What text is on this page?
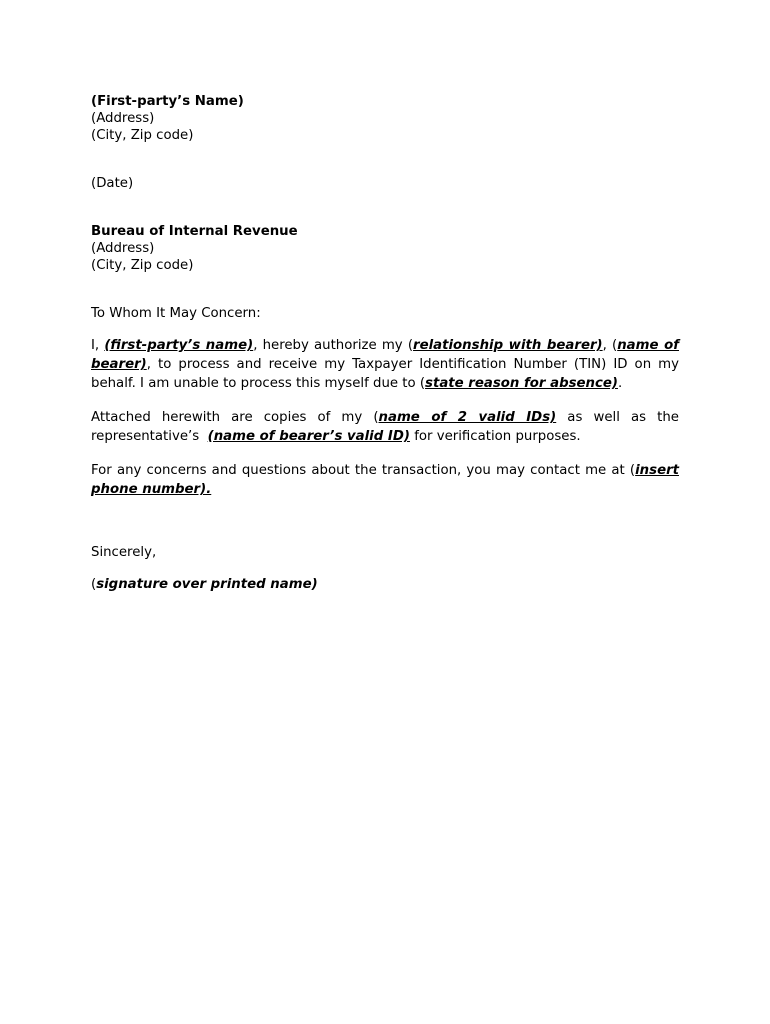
(First-party’s Name)
(Address)
(City, Zip code)
(Date)
Bureau of Internal Revenue
(Address)
(City, Zip code)
To Whom It May Concern:

I, (first-party’s name), hereby authorize my (relationship with bearer), (name of bearer), to process and receive my Taxpayer Identification Number (TIN) ID on my behalf. I am unable to process this myself due to (state reason for absence).

Attached herewith are copies of my (name of 2 valid IDs) as well as the representative’s  (name of bearer’s valid ID) for verification purposes.

For any concerns and questions about the transaction, you may contact me at (insert phone number).

Sincerely,
(signature over printed name)
